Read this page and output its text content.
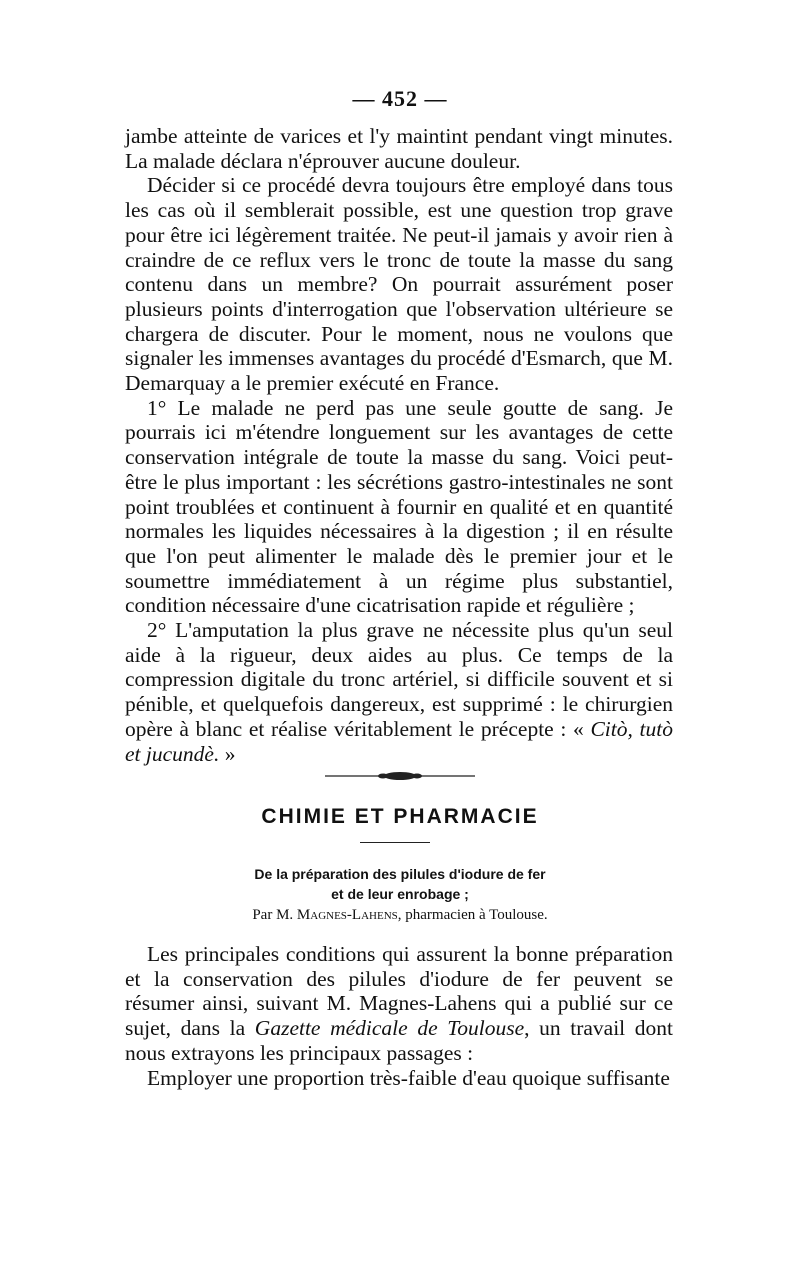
— 452 —

jambe atteinte de varices et l'y maintint pendant vingt minutes. La malade déclara n'éprouver aucune douleur.

Décider si ce procédé devra toujours être employé dans tous les cas où il semblerait possible, est une question trop grave pour être ici légèrement traitée. Ne peut-il jamais y avoir rien à craindre de ce reflux vers le tronc de toute la masse du sang contenu dans un membre? On pourrait assurément poser plusieurs points d'interrogation que l'observation ultérieure se chargera de discuter. Pour le moment, nous ne voulons que signaler les immenses avantages du procédé d'Esmarch, que M. Demarquay a le premier exécuté en France.

1° Le malade ne perd pas une seule goutte de sang. Je pourrais ici m'étendre longuement sur les avantages de cette conservation intégrale de toute la masse du sang. Voici peut-être le plus important : les sécrétions gastro-intestinales ne sont point troublées et continuent à fournir en qualité et en quantité normales les liquides nécessaires à la digestion ; il en résulte que l'on peut alimenter le malade dès le premier jour et le soumettre immédiatement à un régime plus substantiel, condition nécessaire d'une cicatrisation rapide et régulière ;

2° L'amputation la plus grave ne nécessite plus qu'un seul aide à la rigueur, deux aides au plus. Ce temps de la compression digitale du tronc artériel, si difficile souvent et si pénible, et quelquefois dangereux, est supprimé : le chirurgien opère à blanc et réalise véritablement le précepte : « Citò, tutò et jucundè. »

CHIMIE ET PHARMACIE
De la préparation des pilules d'iodure de fer
et de leur enrobage ;
Par M. Magnes-Lahens, pharmacien à Toulouse.

Les principales conditions qui assurent la bonne préparation et la conservation des pilules d'iodure de fer peuvent se résumer ainsi, suivant M. Magnes-Lahens qui a publié sur ce sujet, dans la Gazette médicale de Toulouse, un travail dont nous extrayons les principaux passages :

Employer une proportion très-faible d'eau quoique suffisante
